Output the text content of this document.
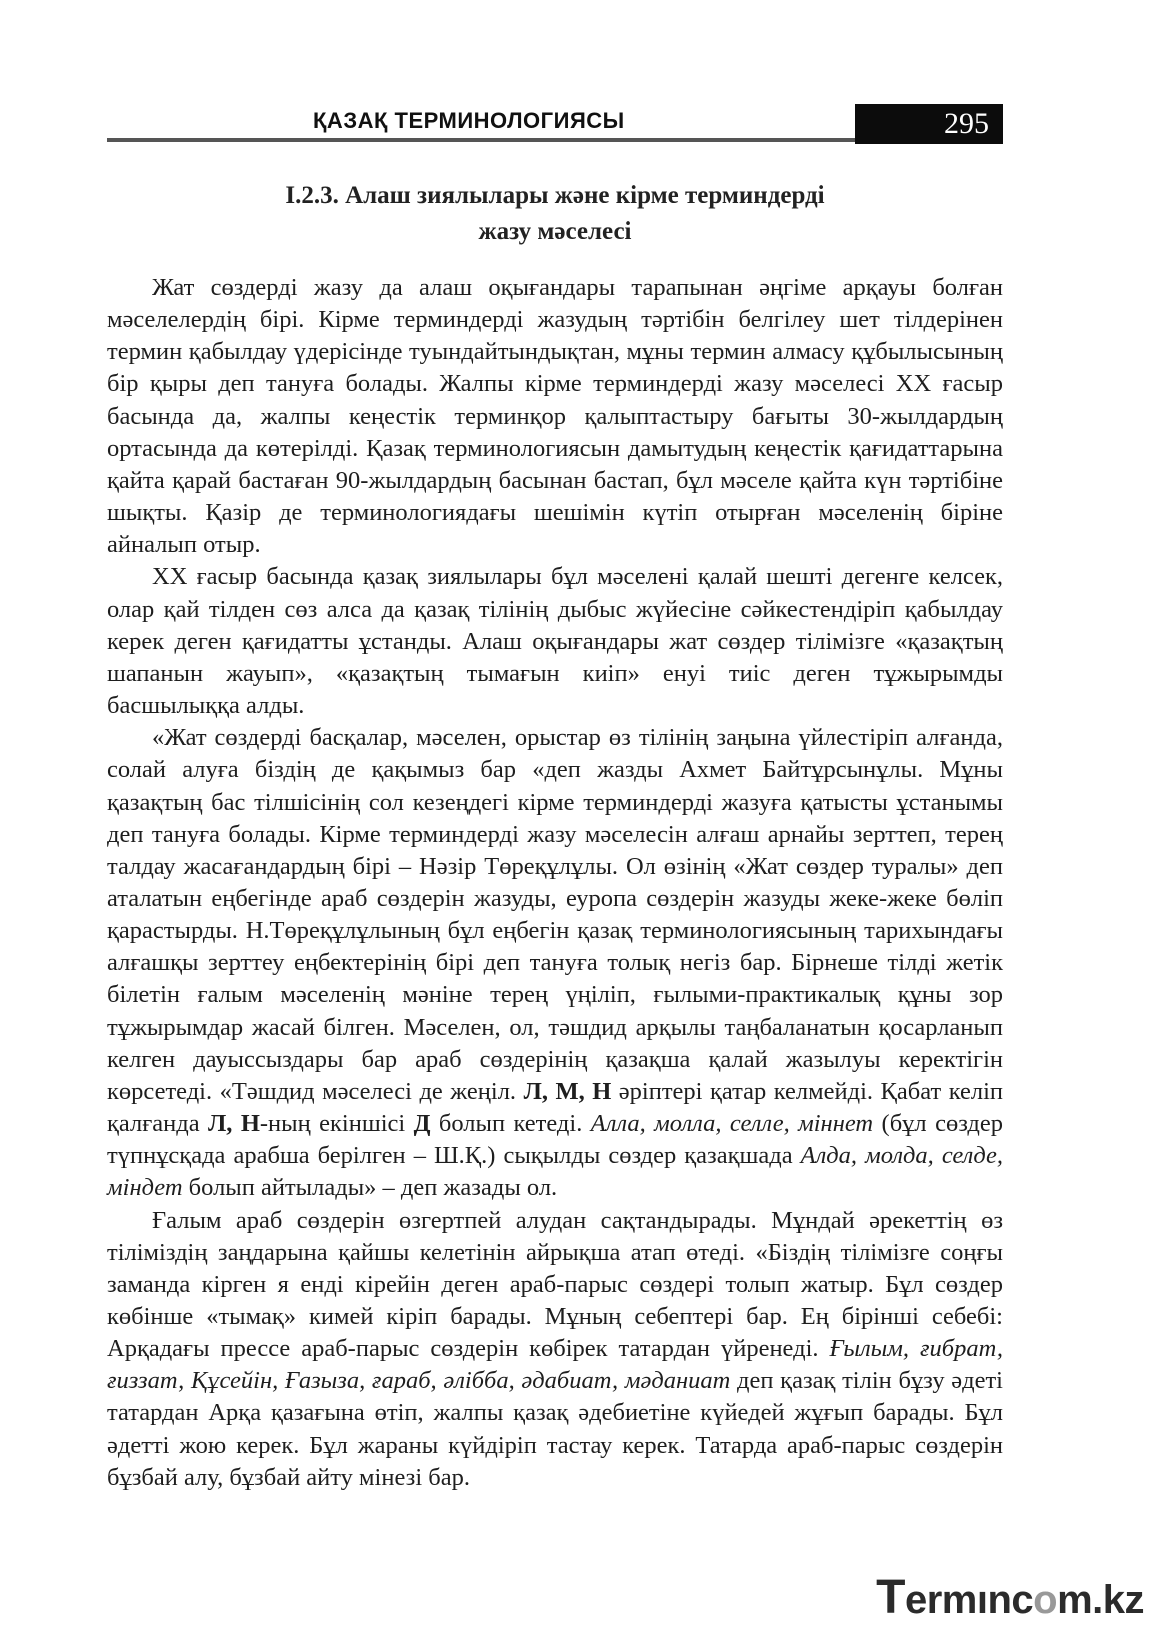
ҚАЗАҚ ТЕРМИНОЛОГИЯСЫ	295
І.2.3. Алаш зиялылары және кірме терминдерді
жазу мәселесі

Жат сөздерді жазу да алаш оқығандары тарапынан әңгіме арқауы болған мәселелердің бірі. Кірме терминдерді жазудың тәртібін белгілеу шет тілдерінен термин қабылдау үдерісінде туындайтындықтан, мұны термин алмасу құбылысының бір қыры деп тануға болады. Жалпы кірме терминдерді жазу мәселесі ХХ ғасыр басында да, жалпы кеңестік терминқор қалыптастыру бағыты 30-жылдардың ортасында да көтерілді. Қазақ терминологиясын дамытудың кеңестік қағидаттарына қайта қарай бастаған 90-жылдардың басынан бастап, бұл мәселе қайта күн тәртібіне шықты. Қазір де терминологиядағы шешімін күтіп отырған мәселенің біріне айналып отыр.

ХХ ғасыр басында қазақ зиялылары бұл мәселені қалай шешті дегенге келсек, олар қай тілден сөз алса да қазақ тілінің дыбыс жүйесіне сәйкестендіріп қабылдау керек деген қағидатты ұстанды. Алаш оқығандары жат сөздер тілімізге «қазақтың шапанын жауып», «қазақтың тымағын киіп» енуі тиіс деген тұжырымды басшылыққа алды.

«Жат сөздерді басқалар, мәселен, орыстар өз тілінің заңына үйлестіріп алғанда, солай алуға біздің де қақымыз бар «деп жазды Ахмет Байтұрсынұлы. Мұны қазақтың бас тілшісінің сол кезеңдегі кірме терминдерді жазуға қатысты ұстанымы деп тануға болады. Кірме терминдерді жазу мәселесін алғаш арнайы зерттеп, терең талдау жасағандардың бірі – Нәзір Төреқұлұлы. Ол өзінің «Жат сөздер туралы» деп аталатын еңбегінде араб сөздерін жазуды, еуропа сөздерін жазуды жеке-жеке бөліп қарастырды. Н.Төреқұлұлының бұл еңбегін қазақ терминологиясының тарихындағы алғашқы зерттеу еңбектерінің бірі деп тануға толық негіз бар. Бірнеше тілді жетік білетін ғалым мәселенің мәніне терең үңіліп, ғылыми-практикалық құны зор тұжырымдар жасай білген. Мәселен, ол, тәшдид арқылы таңбаланатын қосарланып келген дауыссыздары бар араб сөздерінің қазақша қалай жазылуы керектігін көрсетеді. «Тәшдид мәселесі де жеңіл. Л, М, Н әріптері қатар келмейді. Қабат келіп қалғанда Л, Н-ның екіншісі Д болып кетеді. Алла, молла, селле, міннет (бұл сөздер түпнұсқада арабша берілген – Ш.Қ.) сықылды сөздер қазақшада Алда, молда, селде, міндет болып айтылады» – деп жазады ол.

Ғалым араб сөздерін өзгертпей алудан сақтандырады. Мұндай әрекеттің өз тіліміздің заңдарына қайшы келетінін айрықша атап өтеді. «Біздің тілімізге соңғы заманда кірген я енді кірейін деген араб-парыс сөздері толып жатыр. Бұл сөздер көбінше «тымақ» кимей кіріп барады. Мұның себептері бар. Ең бірінші себебі: Арқадағы прессе араб-парыс сөздерін көбірек татардан үйренеді. Ғылым, ғибрат, ғиззат, Құсейін, Ғазыза, ғараб, әлібба, әдабиат, мәданиат деп қазақ тілін бұзу әдеті татардан Арқа қазағына өтіп, жалпы қазақ әдебиетіне күйедей жұғып барады. Бұл әдетті жою керек. Бұл жараны күйдіріп тастау керек. Татарда араб-парыс сөздерін бұзбай алу, бұзбай айту мінезі бар.

Termıncom.kz
